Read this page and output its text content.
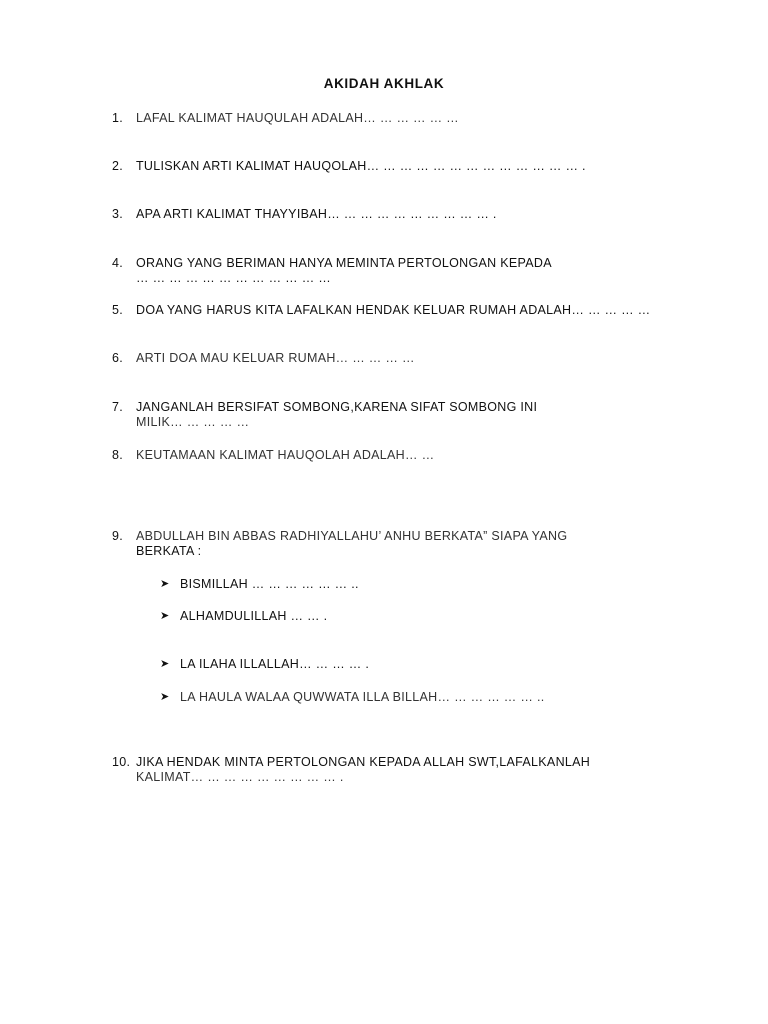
AKIDAH AKHLAK
1.	LAFAL KALIMAT HAUQULAH ADALAH… … … … … …
2.	TULISKAN ARTI KALIMAT HAUQOLAH… … … … … … … … … … … … … .
3.	APA ARTI KALIMAT THAYYIBAH… … … … … … … … … … .
4.	ORANG YANG BERIMAN HANYA MEMINTA PERTOLONGAN KEPADA
… … … … … … … … … … … …
5.	DOA YANG HARUS KITA LAFALKAN HENDAK KELUAR RUMAH ADALAH… … … … …
6.	ARTI DOA MAU KELUAR RUMAH… … … … …
7.	JANGANLAH BERSIFAT SOMBONG,KARENA SIFAT SOMBONG INI
MILIK… … … … …
8.	KEUTAMAAN KALIMAT HAUQOLAH ADALAH… …
9.	ABDULLAH BIN ABBAS RADHIYALLAHU’ ANHU BERKATA” SIAPA YANG
BERKATA :
➤ BISMILLAH … … … … … … ..
➤ ALHAMDULILLAH … … .
➤ LA ILAHA ILLALLAH… … … … .
➤ LA HAULA WALAA QUWWATA ILLA BILLAH… … … … … … ..
10. JIKA HENDAK MINTA PERTOLONGAN KEPADA ALLAH SWT,LAFALKANLAH
KALIMAT… … … … … … … … … .
